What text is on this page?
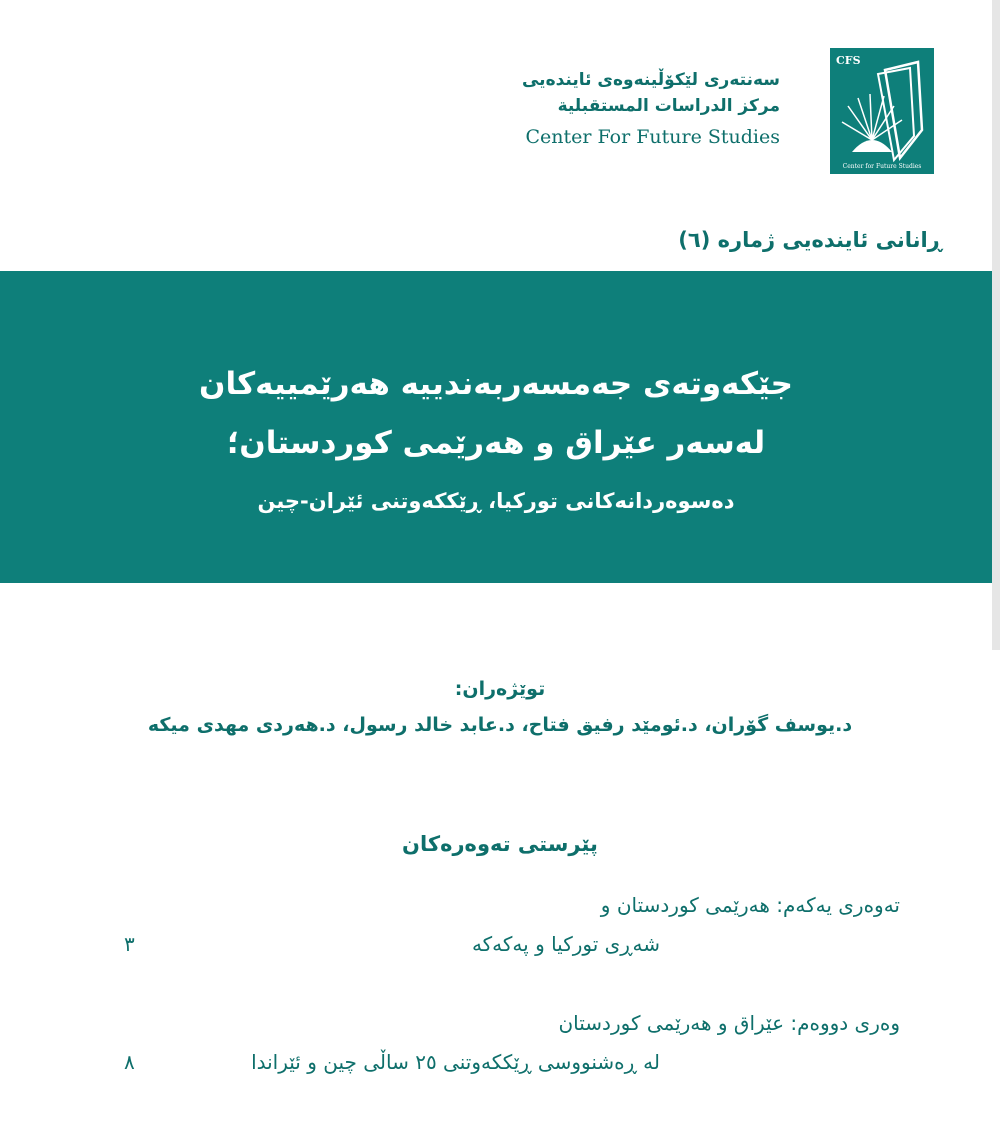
سەنتەری لێکۆڵینەوەی ئایندەیی
مركز الدراسات المستقبلية
Center For Future Studies
CFS
Center for Future Studies
ڕانانی ئایندەیی ژمارە (٦)
جێکەوتەی جەمسەربەندییە هەرێمییەکان
لەسەر عێراق و هەرێمی کوردستان؛
دەسوەردانەکانی تورکیا، ڕێککەوتنی ئێران-چین
توێژەران:
د.یوسف گۆران، د.ئومێد رفيق فتاح، د.عابد خالد رسول، د.هەردی مهدی میکە
پێرستی تەوەرەکان
تەوەری یەکەم: هەرێمی کوردستان و
شەڕی تورکیا و پەکەکە
٣
وەری دووەم: عێراق و هەرێمی کوردستان
لە ڕەشنووسی ڕێککەوتنی ٢٥ ساڵی چین و ئێراندا
٨
